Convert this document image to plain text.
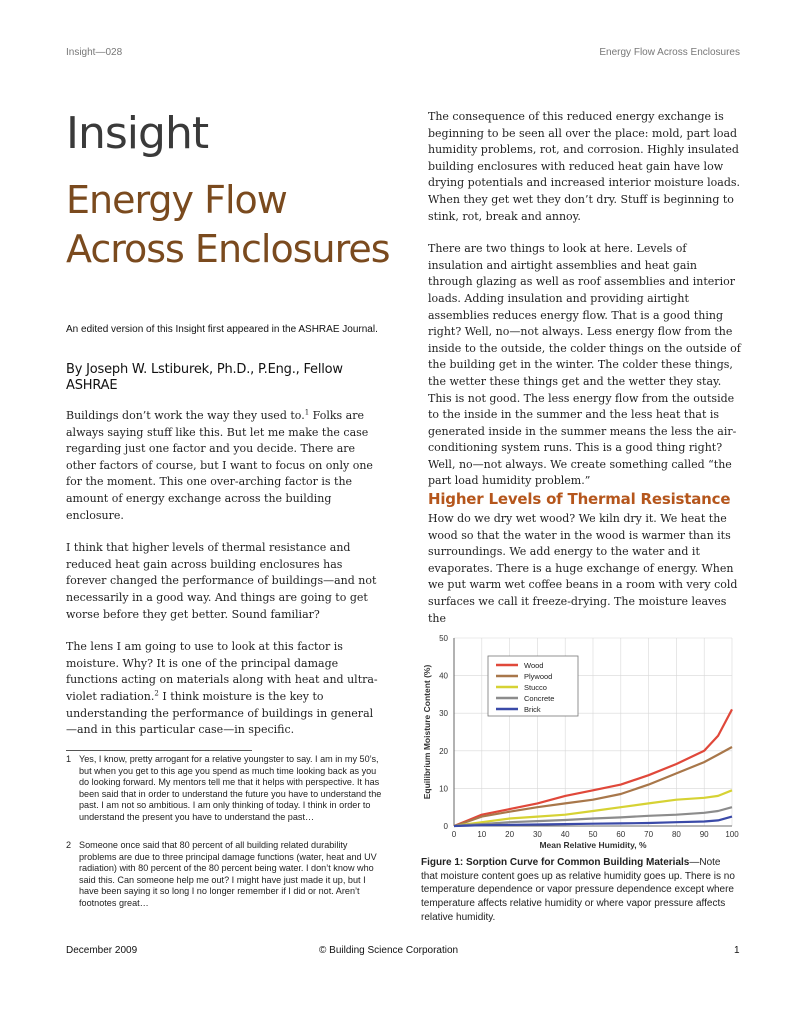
Insight—028	Energy Flow Across Enclosures
Insight
Energy Flow Across Enclosures
An edited version of this Insight first appeared in the ASHRAE Journal.
By Joseph W. Lstiburek, Ph.D., P.Eng., Fellow ASHRAE

Buildings don’t work the way they used to.$^1$ Folks are always saying stuff like this. But let me make the case regarding just one factor and you decide. There are other factors of course, but I want to focus on only one for the moment. This one over-arching factor is the amount of energy exchange across the building enclosure.

I think that higher levels of thermal resistance and reduced heat gain across building enclosures has forever changed the performance of buildings—and not necessarily in a good way. And things are going to get worse before they get better. Sound familiar?

The lens I am going to use to look at this factor is moisture. Why? It is one of the principal damage functions acting on materials along with heat and ultra-violet radiation.$^2$ I think moisture is the key to understanding the performance of buildings in general—and in this particular case—in specific.

1 Yes, I know, pretty arrogant for a relative youngster to say. I am in my 50’s, but when you get to this age you spend as much time looking back as you do looking forward. My mentors tell me that it helps with perspective. It has been said that in order to understand the future you have to understand the past. I am not so ambitious. I am only thinking of today. I think in order to understand the present you have to understand the past…
2 Someone once said that 80 percent of all building related durability problems are due to three principal damage functions (water, heat and UV radiation) with 80 percent of the 80 percent being water. I don’t know who said this. Can someone help me out? I might have just made it up, but I have been saying it so long I no longer remember if I did or not. Aren’t footnotes great…

The consequence of this reduced energy exchange is beginning to be seen all over the place: mold, part load humidity problems, rot, and corrosion. Highly insulated building enclosures with reduced heat gain have low drying potentials and increased interior moisture loads. When they get wet they don’t dry. Stuff is beginning to stink, rot, break and annoy.

There are two things to look at here. Levels of insulation and airtight assemblies and heat gain through glazing as well as roof assemblies and interior loads. Adding insulation and providing airtight assemblies reduces energy flow. That is a good thing right? Well, no—not always. Less energy flow from the inside to the outside, the colder things on the outside of the building get in the winter. The colder these things, the wetter these things get and the wetter they stay. This is not good. The less energy flow from the outside to the inside in the summer and the less heat that is generated inside in the summer means the less the air-conditioning system runs. This is a good thing right? Well, no—not always. We create something called “the part load humidity problem.”

Higher Levels of Thermal Resistance
How do we dry wet wood? We kiln dry it. We heat the wood so that the water in the wood is warmer than its surroundings. We add energy to the water and it evaporates. There is a huge exchange of energy. When we put warm wet coffee beans in a room with very cold surfaces we call it freeze-drying. The moisture leaves the
0
10
20
30
40
50
0	10 20 30 40 50 60 70 80 90 100
Mean Relative Humidity, %
Equilibrium Moisture Content (%)	Wood
Plywood
Stucco
Concrete
Brick
Figure 1: Sorption Curve for Common Building Materials—Note that moisture content goes up as relative humidity goes up. There is no temperature dependence or vapor pressure dependence except where temperature affects relative humidity or where vapor pressure affects relative humidity.
December 2009	© Building Science Corporation	1
